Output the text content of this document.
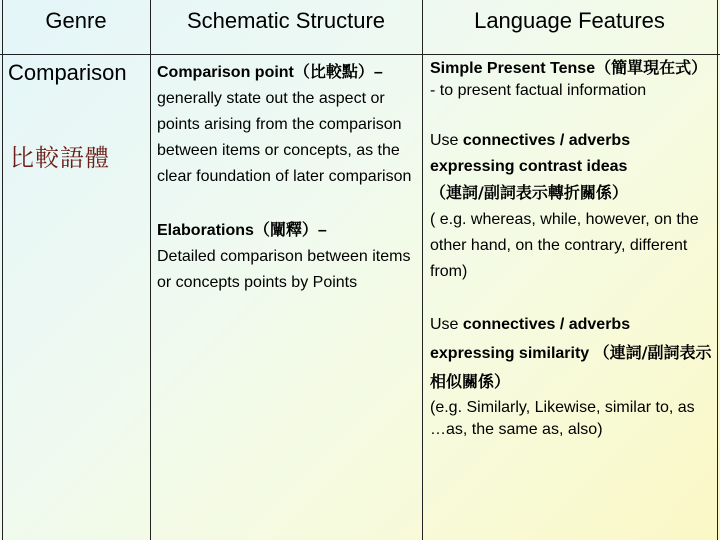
Genre	Schematic Structure	Language Features
Comparison
比較語體

Comparison point（比較點）–
generally state out the aspect or points arising from the comparison between items or concepts, as the clear foundation of later comparison

Elaborations（闡釋）–
Detailed comparison between items or concepts points by Points

Simple Present Tense（簡單現在式） - to present factual information

Use connectives / adverbs expressing contrast ideas
（連詞/副詞表示轉折關係）
( e.g. whereas, while, however, on the other hand, on the contrary, different from)

Use connectives / adverbs expressing similarity （連詞/副詞表示相似關係）
(e.g. Similarly, Likewise, similar to, as …as, the same as, also)
